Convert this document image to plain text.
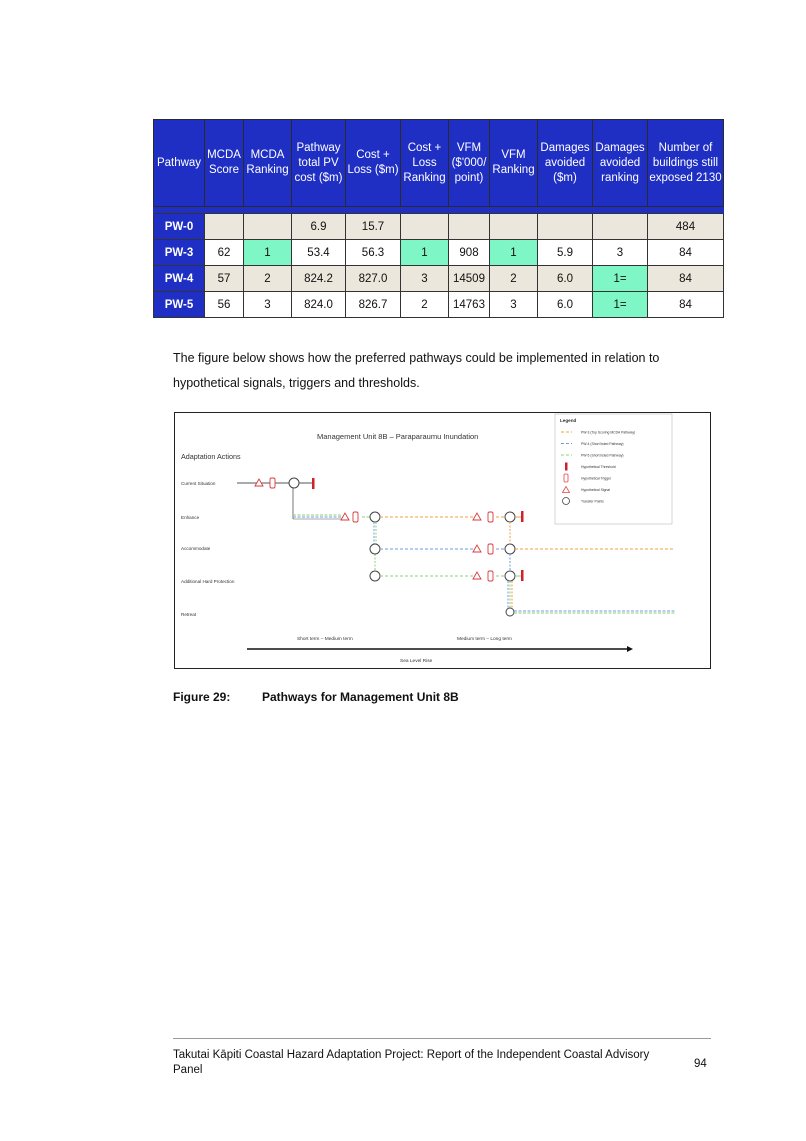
Pathway	MCDA Score	MCDA Ranking	Pathway total PV cost ($m)	Cost + Loss ($m)	Cost + Loss Ranking	VFM ($'000/ point)	VFM Ranking	Damages avoided ($m)	Damages avoided ranking	Number of buildings still exposed 2130

PW-0			6.9	15.7						484
PW-3	62	1	53.4	56.3	1	908	1	5.9	3	84
PW-4	57	2	824.2	827.0	3	14509	2	6.0	1=	84
PW-5	56	3	824.0	826.7	2	14763	3	6.0	1=	84

The figure below shows how the preferred pathways could be implemented in relation to hypothetical signals, triggers and thresholds.

Management Unit 8B – Paraparaumu Inundation
Adaptation Actions
Current Situation
Enhance
Accommodate
Additional Hard Protection
Retreat
Legend
PW-3 (Top Scoring MCDA Pathway)
PW-4 (Short listed Pathway)
PW-5 (Short listed Pathway)
Hypothetical Threshold
Hypothetical Trigger
Hypothetical Signal
Transfer Points
Short term – Medium term	Medium term – Long term
Sea Level Rise
Figure 29:	Pathways for Management Unit 8B
Takutai Kāpiti Coastal Hazard Adaptation Project: Report of the Independent Coastal Advisory Panel	94
